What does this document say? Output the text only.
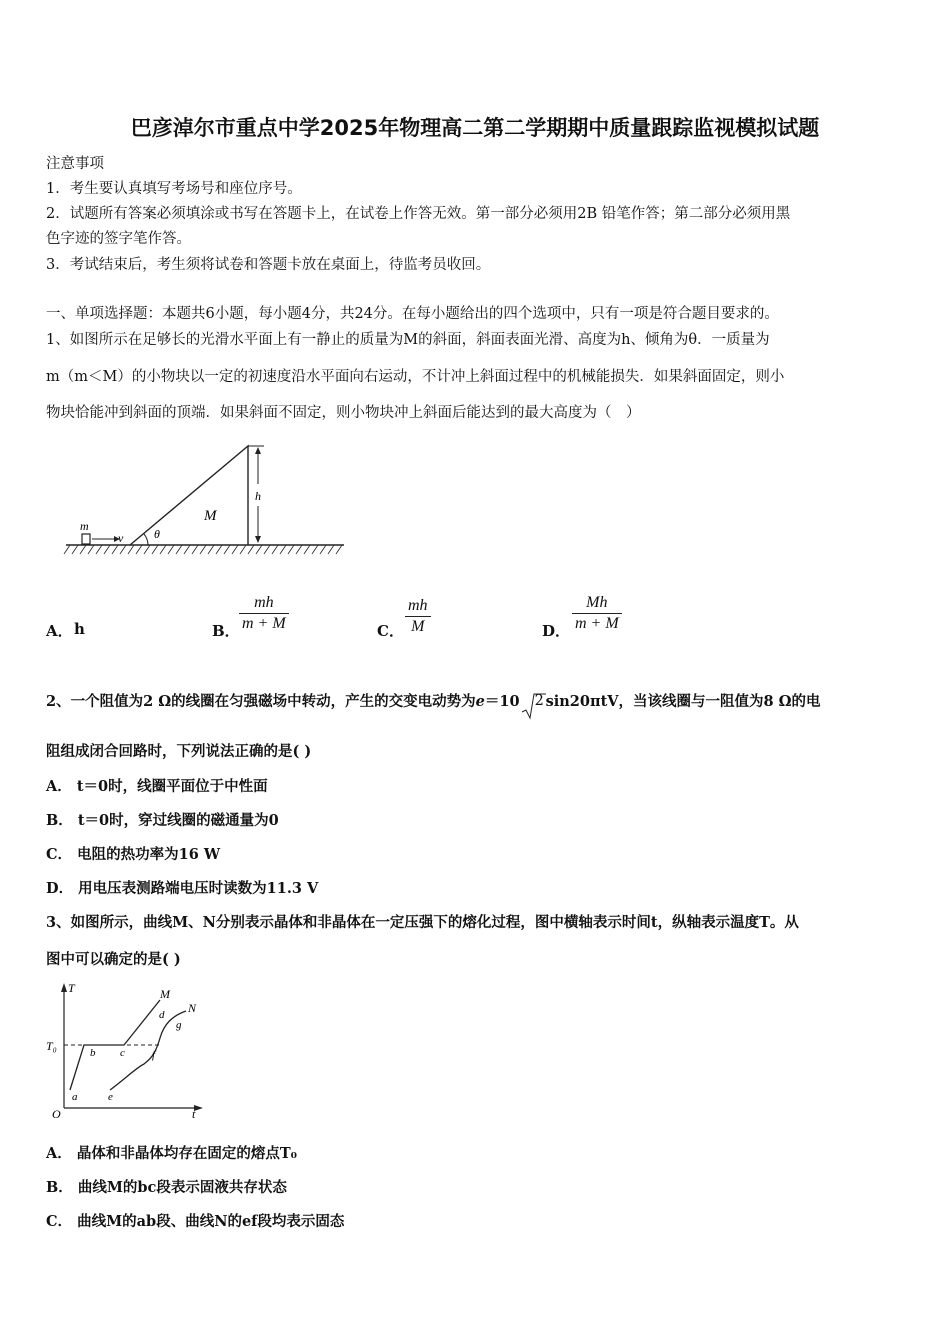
巴彦淖尔市重点中学2025年物理高二第二学期期中质量跟踪监视模拟试题
注意事项
1．考生要认真填写考场号和座位序号。
2．试题所有答案必须填涂或书写在答题卡上，在试卷上作答无效。第一部分必须用2B 铅笔作答；第二部分必须用黑
色字迹的签字笔作答。
3．考试结束后，考生须将试卷和答题卡放在桌面上，待监考员收回。
一、单项选择题：本题共6小题，每小题4分，共24分。在每小题给出的四个选项中，只有一项是符合题目要求的。
1、如图所示在足够长的光滑水平面上有一静止的质量为M的斜面，斜面表面光滑、高度为h、倾角为θ．一质量为
m（m＜M）的小物块以一定的初速度沿水平面向右运动，不计冲上斜面过程中的机械能损失．如果斜面固定，则小
物块恰能冲到斜面的顶端．如果斜面不固定，则小物块冲上斜面后能达到的最大高度为（　）
θ
M
m
v
h
A． h	B．
mh
m + M	C．
mh
M	D．
Mh
m + M
2、一个阻值为2 Ω的线圈在匀强磁场中转动，产生的交变电动势为e＝10 2 sin20πtV，当该线圈与一阻值为8 Ω的电
阻组成闭合回路时，下列说法正确的是( )
A． t＝0时，线圈平面位于中性面
B． t＝0时，穿过线圈的磁通量为0
C． 电阻的热功率为16 W
D． 用电压表测路端电压时读数为11.3 V
3、如图所示，曲线M、N分别表示晶体和非晶体在一定压强下的熔化过程，图中横轴表示时间t，纵轴表示温度T。从
图中可以确定的是( )
T
t
O
T₀
a
b c
d
M
e
f
g
N
A． 晶体和非晶体均存在固定的熔点T₀
B． 曲线M的bc段表示固液共存状态
C． 曲线M的ab段、曲线N的ef段均表示固态
